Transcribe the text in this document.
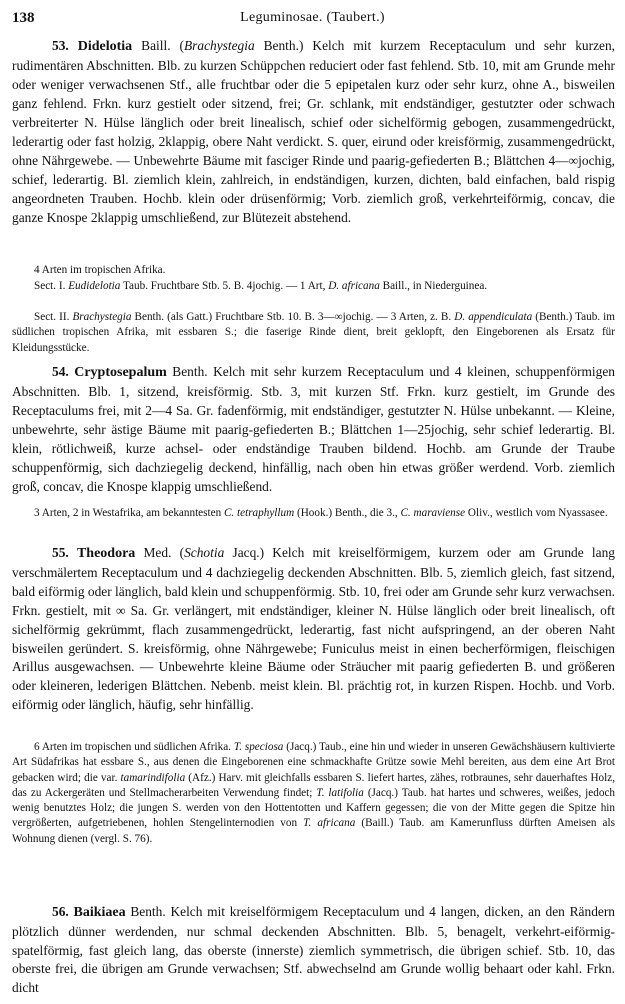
138	Leguminosae. (Taubert.)

53. Didelotia Baill. (Brachystegia Benth.) Kelch mit kurzem Receptaculum und sehr kurzen, rudimentären Abschnitten. Blb. zu kurzen Schüppchen reduciert oder fast fehlend. Stb. 10, mit am Grunde mehr oder weniger verwachsenen Stf., alle fruchtbar oder die 5 epipetalen kurz oder sehr kurz, ohne A., bisweilen ganz fehlend. Frkn. kurz gestielt oder sitzend, frei; Gr. schlank, mit endständiger, gestutzter oder schwach verbreiterter N. Hülse länglich oder breit linealisch, schief oder sichelförmig gebogen, zusammengedrückt, lederartig oder fast holzig, 2klappig, obere Naht verdickt. S. quer, eirund oder kreisförmig, zusammengedrückt, ohne Nährgewebe. — Unbewehrte Bäume mit fasciger Rinde und paarig-gefiederten B.; Blättchen 4—∞jochig, schief, lederartig. Bl. ziemlich klein, zahlreich, in endständigen, kurzen, dichten, bald einfachen, bald rispig angeordneten Trauben. Hochb. klein oder drüsenförmig; Vorb. ziemlich groß, verkehrteiförmig, concav, die ganze Knospe 2klappig umschließend, zur Blütezeit abstehend.

4 Arten im tropischen Afrika.

Sect. I. Eudidelotia Taub. Fruchtbare Stb. 5. B. 4jochig. — 1 Art, D. africana Baill., in Niederguinea.

Sect. II. Brachystegia Benth. (als Gatt.) Fruchtbare Stb. 10. B. 3—∞jochig. — 3 Arten, z. B. D. appendiculata (Benth.) Taub. im südlichen tropischen Afrika, mit essbaren S.; die faserige Rinde dient, breit geklopft, den Eingeborenen als Ersatz für Kleidungsstücke.

54. Cryptosepalum Benth. Kelch mit sehr kurzem Receptaculum und 4 kleinen, schuppenförmigen Abschnitten. Blb. 1, sitzend, kreisförmig. Stb. 3, mit kurzen Stf. Frkn. kurz gestielt, im Grunde des Receptaculums frei, mit 2—4 Sa. Gr. fadenförmig, mit endständiger, gestutzter N. Hülse unbekannt. — Kleine, unbewehrte, sehr ästige Bäume mit paarig-gefiederten B.; Blättchen 1—25jochig, sehr schief lederartig. Bl. klein, rötlichweiß, kurze achsel- oder endständige Trauben bildend. Hochb. am Grunde der Traube schuppenförmig, sich dachziegelig deckend, hinfällig, nach oben hin etwas größer werdend. Vorb. ziemlich groß, concav, die Knospe klappig umschließend.

3 Arten, 2 in Westafrika, am bekanntesten C. tetraphyllum (Hook.) Benth., die 3., C. maraviense Oliv., westlich vom Nyassasee.

55. Theodora Med. (Schotia Jacq.) Kelch mit kreiselförmigem, kurzem oder am Grunde lang verschmälertem Receptaculum und 4 dachziegelig deckenden Abschnitten. Blb. 5, ziemlich gleich, fast sitzend, bald eiförmig oder länglich, bald klein und schuppenförmig. Stb. 10, frei oder am Grunde sehr kurz verwachsen. Frkn. gestielt, mit ∞ Sa. Gr. verlängert, mit endständiger, kleiner N. Hülse länglich oder breit linealisch, oft sichelförmig gekrümmt, flach zusammengedrückt, lederartig, fast nicht aufspringend, an der oberen Naht bisweilen geründert. S. kreisförmig, ohne Nährgewebe; Funiculus meist in einen becherförmigen, fleischigen Arillus ausgewachsen. — Unbewehrte kleine Bäume oder Sträucher mit paarig gefiederten B. und größeren oder kleineren, lederigen Blättchen. Nebenb. meist klein. Bl. prächtig rot, in kurzen Rispen. Hochb. und Vorb. eiförmig oder länglich, häufig, sehr hinfällig.

6 Arten im tropischen und südlichen Afrika. T. speciosa (Jacq.) Taub., eine hin und wieder in unseren Gewächshäusern kultivierte Art Südafrikas hat essbare S., aus denen die Eingeborenen eine schmackhafte Grütze sowie Mehl bereiten, aus dem eine Art Brot gebacken wird; die var. tamarindifolia (Afz.) Harv. mit gleichfalls essbaren S. liefert hartes, zähes, rotbraunes, sehr dauerhaftes Holz, das zu Ackergeräten und Stellmacherarbeiten Verwendung findet; T. latifolia (Jacq.) Taub. hat hartes und schweres, weißes, jedoch wenig benutztes Holz; die jungen S. werden von den Hottentotten und Kaffern gegessen; die von der Mitte gegen die Spitze hin vergrößerten, aufgetriebenen, hohlen Stengelinternodien von T. africana (Baill.) Taub. am Kamerunfluss dürften Ameisen als Wohnung dienen (vergl. S. 76).

56. Baikiaea Benth. Kelch mit kreiselförmigem Receptaculum und 4 langen, dicken, an den Rändern plötzlich dünner werdenden, nur schmal deckenden Abschnitten. Blb. 5, benagelt, verkehrt-eiförmig-spatelförmig, fast gleich lang, das oberste (innerste) ziemlich symmetrisch, die übrigen schief. Stb. 10, das oberste frei, die übrigen am Grunde verwachsen; Stf. abwechselnd am Grunde wollig behaart oder kahl. Frkn. dicht
